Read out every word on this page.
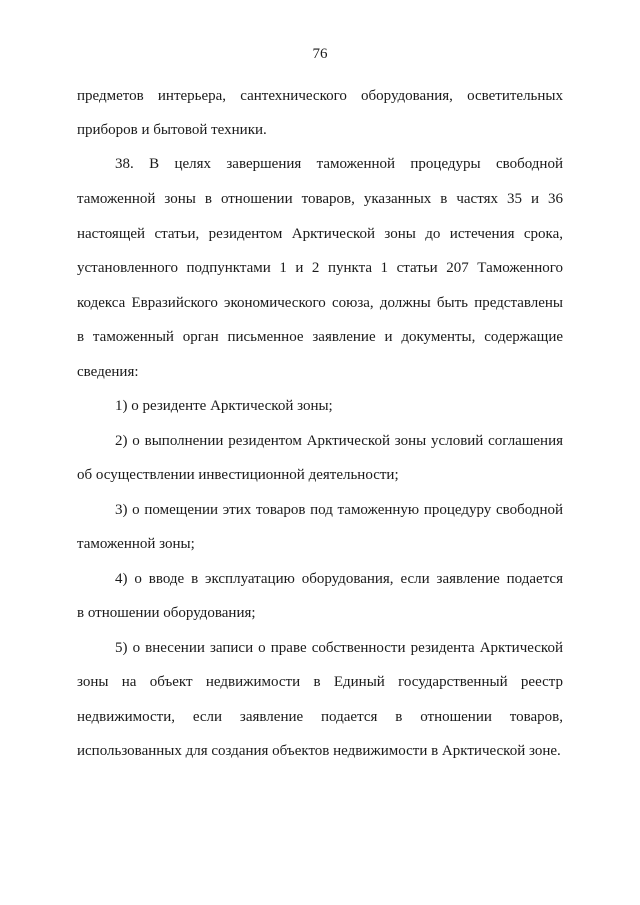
76
предметов интерьера, сантехнического оборудования, осветительных
приборов и бытовой техники.
38. В целях завершения таможенной процедуры свободной
таможенной зоны в отношении товаров, указанных в частях 35 и 36
настоящей статьи, резидентом Арктической зоны до истечения срока,
установленного подпунктами 1 и 2 пункта 1 статьи 207 Таможенного
кодекса Евразийского экономического союза, должны быть представлены
в таможенный орган письменное заявление и документы, содержащие
сведения:
1) о резиденте Арктической зоны;
2) о выполнении резидентом Арктической зоны условий соглашения
об осуществлении инвестиционной деятельности;
3) о помещении этих товаров под таможенную процедуру свободной
таможенной зоны;
4) о вводе в эксплуатацию оборудования, если заявление подается
в отношении оборудования;
5) о внесении записи о праве собственности резидента Арктической
зоны на объект недвижимости в Единый государственный реестр
недвижимости, если заявление подается в отношении товаров,
использованных для создания объектов недвижимости в Арктической зоне.
